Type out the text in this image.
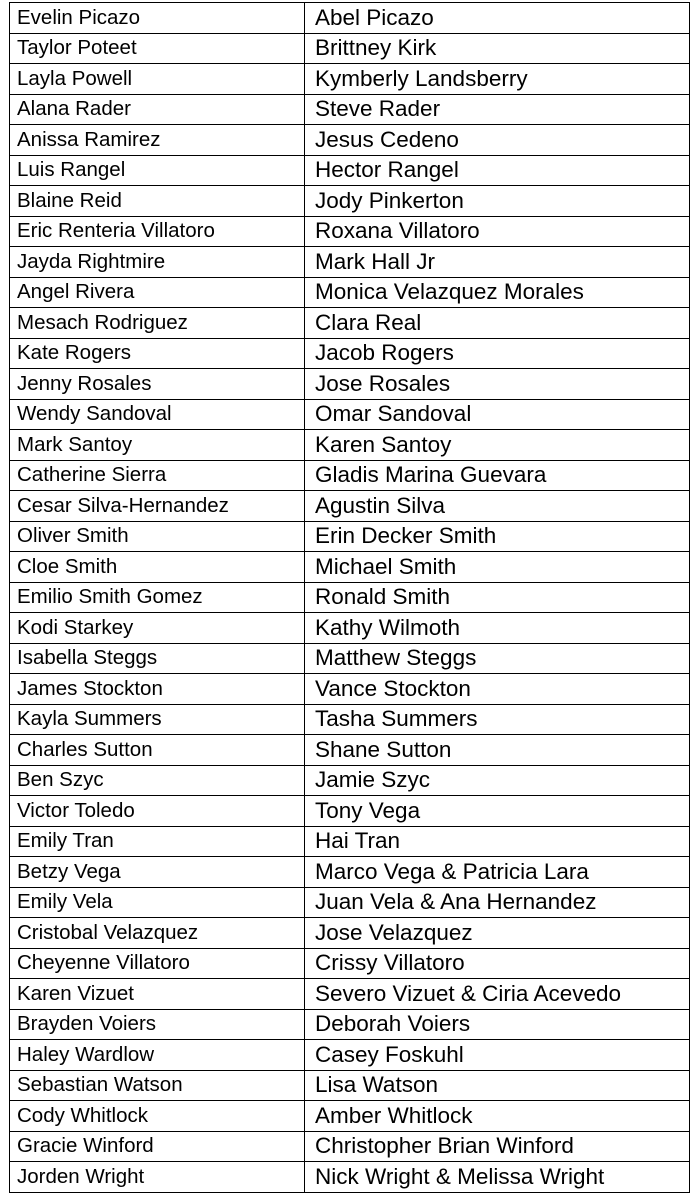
Evelin Picazo	Abel Picazo
Taylor Poteet	Brittney Kirk
Layla Powell	Kymberly Landsberry
Alana Rader	Steve Rader
Anissa Ramirez	Jesus Cedeno
Luis Rangel	Hector Rangel
Blaine Reid	Jody Pinkerton
Eric Renteria Villatoro	Roxana Villatoro
Jayda Rightmire	Mark Hall Jr
Angel Rivera	Monica Velazquez Morales
Mesach Rodriguez	Clara Real
Kate Rogers	Jacob Rogers
Jenny Rosales	Jose Rosales
Wendy Sandoval	Omar Sandoval
Mark Santoy	Karen Santoy
Catherine Sierra	Gladis Marina Guevara
Cesar Silva-Hernandez	Agustin Silva
Oliver Smith	Erin Decker Smith
Cloe Smith	Michael Smith
Emilio Smith Gomez	Ronald Smith
Kodi Starkey	Kathy Wilmoth
Isabella Steggs	Matthew Steggs
James Stockton	Vance Stockton
Kayla Summers	Tasha Summers
Charles Sutton	Shane Sutton
Ben Szyc	Jamie Szyc
Victor Toledo	Tony Vega
Emily Tran	Hai Tran
Betzy Vega	Marco Vega & Patricia Lara
Emily Vela	Juan Vela & Ana Hernandez
Cristobal Velazquez	Jose Velazquez
Cheyenne Villatoro	Crissy Villatoro
Karen Vizuet	Severo Vizuet & Ciria Acevedo
Brayden Voiers	Deborah Voiers
Haley Wardlow	Casey Foskuhl
Sebastian Watson	Lisa Watson
Cody Whitlock	Amber Whitlock
Gracie Winford	Christopher Brian Winford
Jorden Wright	Nick Wright & Melissa Wright
